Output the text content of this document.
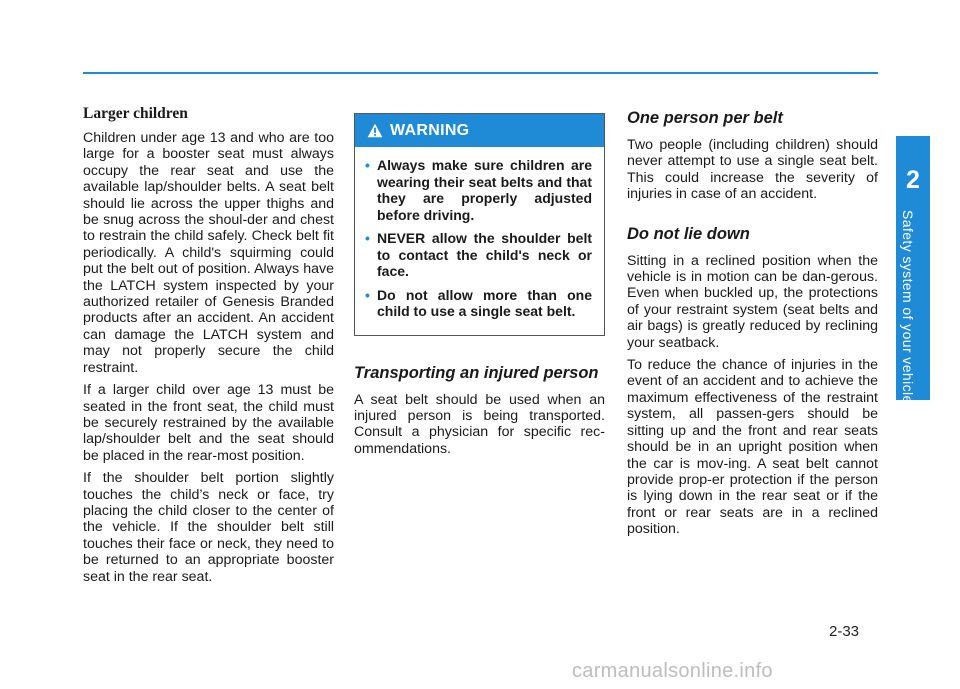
2
Safety system of your vehicle
Larger children

Children under age 13 and who are too large for a booster seat must always occupy the rear seat and use the available lap/shoulder belts. A seat belt should lie across the upper thighs and be snug across the shoul-der and chest to restrain the child safely. Check belt fit periodically. A child's squirming could put the belt out of position. Always have the LATCH system inspected by your authorized retailer of Genesis Branded products after an accident. An accident can damage the LATCH system and may not properly secure the child restraint.

If a larger child over age 13 must be seated in the front seat, the child must be securely restrained by the available lap/shoulder belt and the seat should be placed in the rear-most position.

If the shoulder belt portion slightly touches the child’s neck or face, try placing the child closer to the center of the vehicle. If the shoulder belt still touches their face or neck, they need to be returned to an appropriate booster seat in the rear seat.

WARNING
• Always make sure children are wearing their seat belts and that they are properly adjusted before driving.
• NEVER allow the shoulder belt to contact the child's neck or face.
• Do not allow more than one child to use a single seat belt.
Transporting an injured person

A seat belt should be used when an injured person is being transported. Consult a physician for specific rec-ommendations.

One person per belt

Two people (including children) should never attempt to use a single seat belt. This could increase the severity of injuries in case of an accident.

Do not lie down

Sitting in a reclined position when the vehicle is in motion can be dan-gerous. Even when buckled up, the protections of your restraint system (seat belts and air bags) is greatly reduced by reclining your seatback.

To reduce the chance of injuries in the event of an accident and to achieve the maximum effectiveness of the restraint system, all passen-gers should be sitting up and the front and rear seats should be in an upright position when the car is mov-ing. A seat belt cannot provide prop-er protection if the person is lying down in the rear seat or if the front or rear seats are in a reclined position.

2-33
carmanualsonline.info
